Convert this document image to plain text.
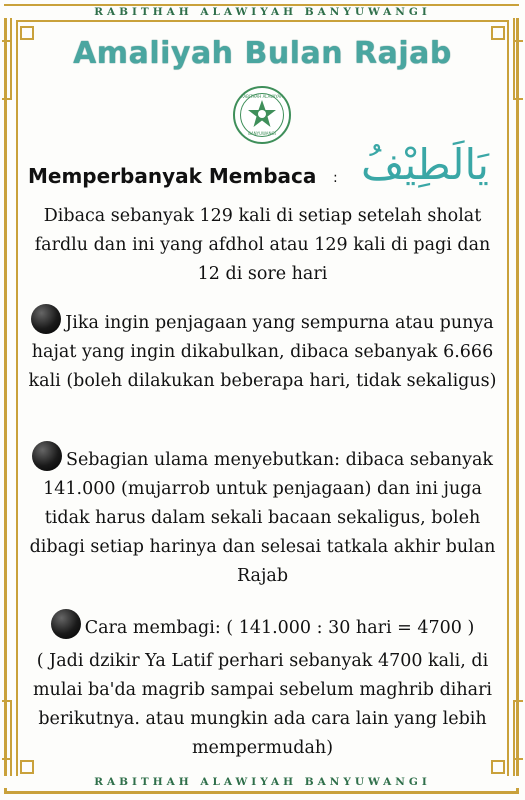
RABITHAH ALAWIYAH BANYUWANGI
Amaliyah Bulan Rajab
RABITHAH ALAWIYAH
BANYUWANGI
Memperbanyak Membaca : يَالَطِيْفُ
Dibaca sebanyak 129 kali di setiap setelah sholat fardlu dan ini yang afdhol atau 129 kali di pagi dan 12 di sore hari
Jika ingin penjagaan yang sempurna atau punya hajat yang ingin dikabulkan, dibaca sebanyak 6.666 kali (boleh dilakukan beberapa hari, tidak sekaligus)
Sebagian ulama menyebutkan: dibaca sebanyak 141.000 (mujarrob untuk penjagaan) dan ini juga tidak harus dalam sekali bacaan sekaligus, boleh dibagi setiap harinya dan selesai tatkala akhir bulan Rajab
Cara membagi: ( 141.000 : 30 hari = 4700 )
( Jadi dzikir Ya Latif perhari sebanyak 4700 kali, di mulai ba'da magrib sampai sebelum maghrib dihari berikutnya. atau mungkin ada cara lain yang lebih mempermudah)
RABITHAH ALAWIYAH BANYUWANGI
